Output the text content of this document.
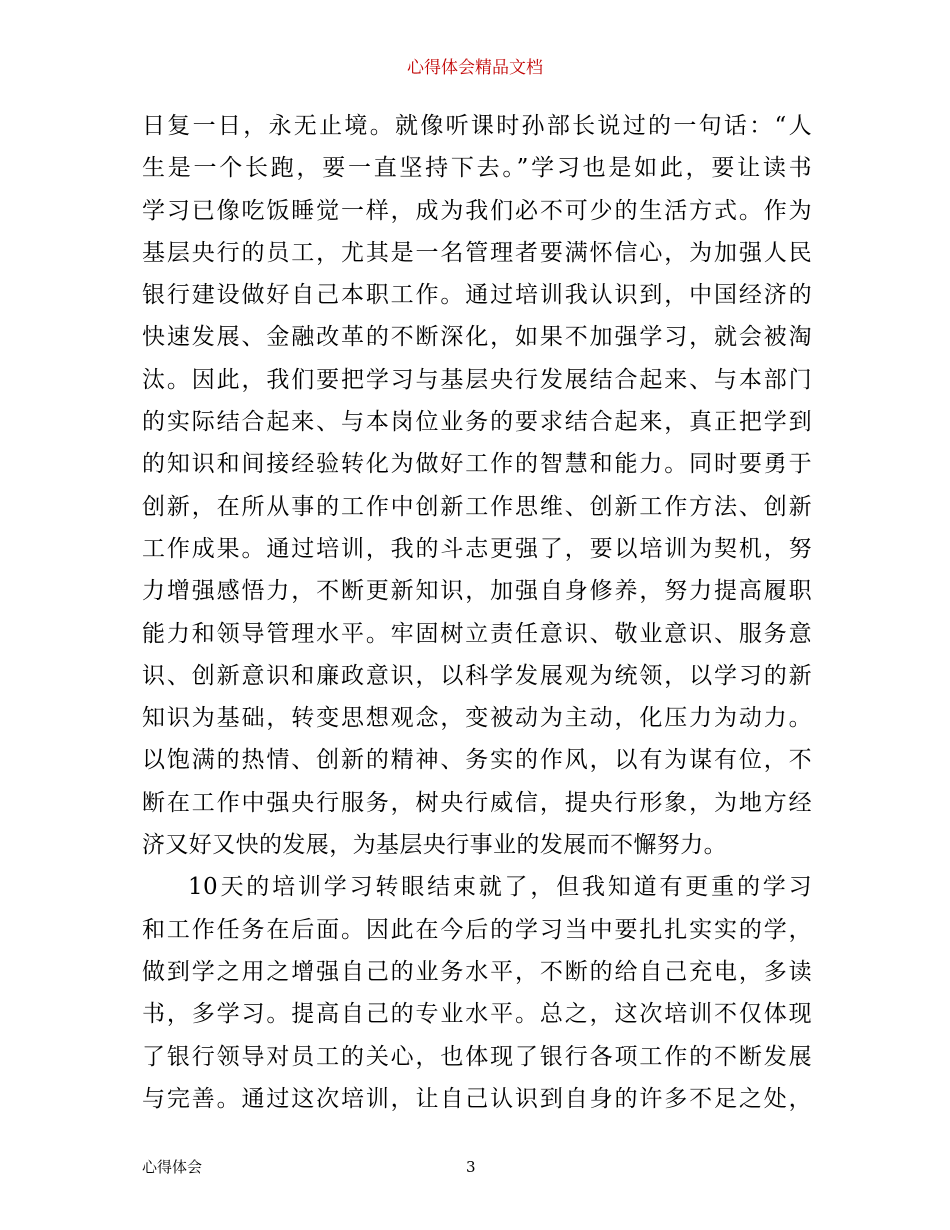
心得体会精品文档
日复一日，永无止境。就像听课时孙部长说过的一句话：“人
生是一个长跑，要一直坚持下去。”学习也是如此，要让读书
学习已像吃饭睡觉一样，成为我们必不可少的生活方式。作为
基层央行的员工，尤其是一名管理者要满怀信心，为加强人民
银行建设做好自己本职工作。通过培训我认识到，中国经济的
快速发展、金融改革的不断深化，如果不加强学习，就会被淘
汰。因此，我们要把学习与基层央行发展结合起来、与本部门
的实际结合起来、与本岗位业务的要求结合起来，真正把学到
的知识和间接经验转化为做好工作的智慧和能力。同时要勇于
创新，在所从事的工作中创新工作思维、创新工作方法、创新
工作成果。通过培训，我的斗志更强了，要以培训为契机，努
力增强感悟力，不断更新知识，加强自身修养，努力提高履职
能力和领导管理水平。牢固树立责任意识、敬业意识、服务意
识、创新意识和廉政意识，以科学发展观为统领，以学习的新
知识为基础，转变思想观念，变被动为主动，化压力为动力。
以饱满的热情、创新的精神、务实的作风，以有为谋有位，不
断在工作中强央行服务，树央行威信，提央行形象，为地方经
济又好又快的发展，为基层央行事业的发展而不懈努力。
10天的培训学习转眼结束就了，但我知道有更重的学习
和工作任务在后面。因此在今后的学习当中要扎扎实实的学，
做到学之用之增强自己的业务水平，不断的给自己充电，多读
书，多学习。提高自己的专业水平。总之，这次培训不仅体现
了银行领导对员工的关心，也体现了银行各项工作的不断发展
与完善。通过这次培训，让自己认识到自身的许多不足之处，
心得体会	3
